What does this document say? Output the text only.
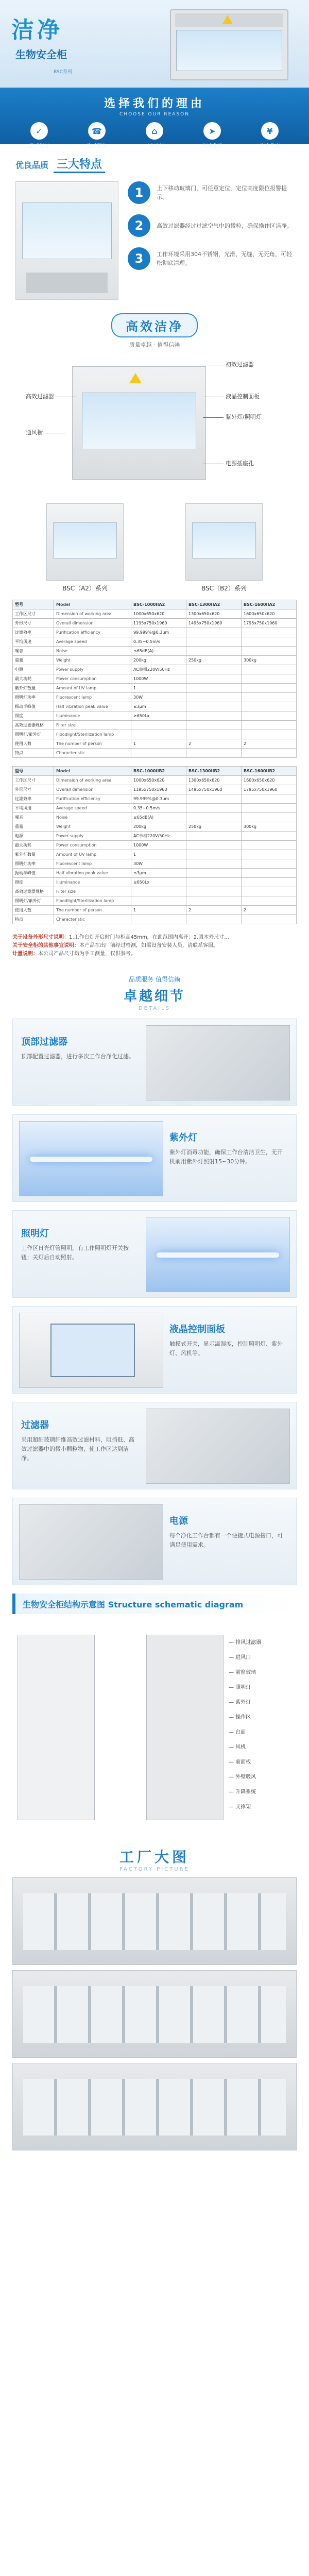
洁净
生物安全柜
BSC系列
选择我们的理由
CHOOSE OUR REASON
✓
品质保证
☎
售后服务
⌂
厂家直销
➤
快速发货
¥
价格优惠
优良品质 三大特点
1	上下移动玻璃门，可任意定位，定位高度限位报警提示。
2	高效过滤器经过过滤空气中的微粒，确保操作区洁净。
3	工作环境采用304不锈钢，光滑、无缝、无死角，可轻松彻底清理。
高效洁净
质量卓越 · 值得信赖
初效过滤器
高效过滤器	液晶控制面板
紫外灯/照明灯
通风橱
电源插座孔
BSC（A2）系列	BSC（B2）系列
型号	Model	BSC-1000IIA2	BSC-1300IIA2	BSC-1600IIA2
工作区尺寸	Dimension of working area	1000x650x620	1300x650x620	1600x650x620
外形尺寸	Overall dimension	1195x750x1960	1495x750x1960	1795x750x1960
过滤效率	Purification efficiency	99.999%@0.3μm		
平均风速	Average speed	0.35~0.5m/s		
噪音	Noise	≤65dB(A)		
重量	Weight	200kg	250kg	300kg
电源	Power supply	AC单相220V/50Hz		
最大功耗	Power consumption	1000W		
紫外灯数量	Amount of UV lamp	1		
照明灯功率	Fluorescent lamp	30W		
振动半峰值	Half vibration peak value	≤3μm		
照度	Illuminance	≥650Lx		
高效过滤器规格	Filter size			
照明灯/紫外灯	Floodlight/Sterilization lamp			
使用人数	The number of person	1	2	2
特点	Characteristic			
型号	Model	BSC-1000IIB2	BSC-1300IIB2	BSC-1600IIB2
工作区尺寸	Dimension of working area	1000x650x620	1300x650x620	1600x650x620
外形尺寸	Overall dimension	1195x750x1960	1495x750x1960	1795x750x1960
过滤效率	Purification efficiency	99.999%@0.3μm		
平均风速	Average speed	0.35~0.5m/s		
噪音	Noise	≤65dB(A)		
重量	Weight	200kg	250kg	300kg
电源	Power supply	AC单相220V/50Hz		
最大功耗	Power consumption	1000W		
紫外灯数量	Amount of UV lamp	1		
照明灯功率	Fluorescent lamp	30W		
振动半峰值	Half vibration peak value	≤3μm		
照度	Illuminance	≥650Lx		
高效过滤器规格	Filter size			
照明灯/紫外灯	Floodlight/Sterilization lamp			
使用人数	The number of person	1	2	2
特点	Characteristic			

关于设备外形尺寸说明：1.工作台灯开启时门与柜高45mm，在此范围内离开；2.圆木外尺寸...

关于安全柜的其他事宜说明：本产品在出厂前经过检测，如需设备安装人员，请联系客服。

计量说明：本公司产品尺寸均为手工测量，仅供参考。

品质服务 值得信赖
卓越细节
DETAILS
顶部过滤器
顶部配置过滤器，进行多次工作台净化过滤。
紫外灯
紫外灯消毒功能，确保工作台清洁卫生，无开机前用紫外灯照射15~30分钟。
照明灯
工作区日光灯管照明，有工作照明灯开关按钮；关灯后自动照射。
液晶控制面板
触摸式开关，显示温湿度，控制照明灯、紫外灯、风机等。
过滤器
采用超细玻璃纤维高效过滤材料，阻挡低、高效过滤器中的微小颗粒物，使工作区达到洁净。
电源
每个净化工作台都有一个便捷式电源接口，可满足使用需求。
生物安全柜结构示意图 Structure schematic diagram
— 排风过滤器
— 进风口
— 前窗玻璃
— 照明灯
— 紫外灯
— 操作区
— 台面
— 风机
— 前面板
— 外壁吸风
— 升降系统
— 支撑架
工厂大图
FACTORY PICTURE
